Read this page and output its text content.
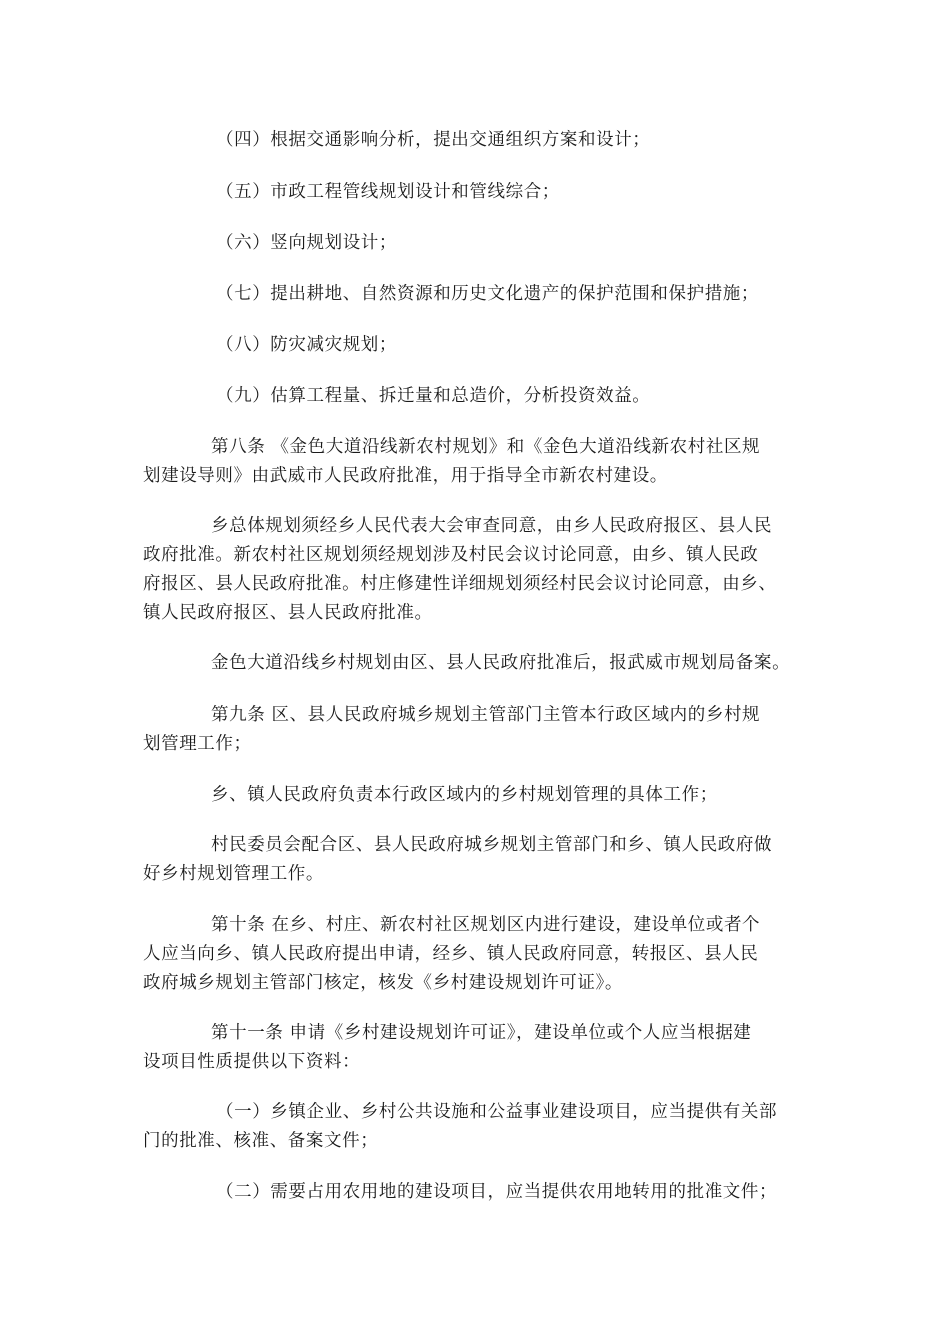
（四）根据交通影响分析，提出交通组织方案和设计；

（五）市政工程管线规划设计和管线综合；

（六）竖向规划设计；

（七）提出耕地、自然资源和历史文化遗产的保护范围和保护措施；

（八）防灾减灾规划；

（九）估算工程量、拆迁量和总造价，分析投资效益。

第八条 《金色大道沿线新农村规划》和《金色大道沿线新农村社区规
划建设导则》由武威市人民政府批准，用于指导全市新农村建设。

乡总体规划须经乡人民代表大会审查同意，由乡人民政府报区、县人民
政府批准。新农村社区规划须经规划涉及村民会议讨论同意，由乡、镇人民政
府报区、县人民政府批准。村庄修建性详细规划须经村民会议讨论同意，由乡、
镇人民政府报区、县人民政府批准。

金色大道沿线乡村规划由区、县人民政府批准后，报武威市规划局备案。

第九条 区、县人民政府城乡规划主管部门主管本行政区域内的乡村规
划管理工作；

乡、镇人民政府负责本行政区域内的乡村规划管理的具体工作；

村民委员会配合区、县人民政府城乡规划主管部门和乡、镇人民政府做
好乡村规划管理工作。

第十条 在乡、村庄、新农村社区规划区内进行建设，建设单位或者个
人应当向乡、镇人民政府提出申请，经乡、镇人民政府同意，转报区、县人民
政府城乡规划主管部门核定，核发《乡村建设规划许可证》。

第十一条 申请《乡村建设规划许可证》，建设单位或个人应当根据建
设项目性质提供以下资料：

（一）乡镇企业、乡村公共设施和公益事业建设项目，应当提供有关部
门的批准、核准、备案文件；

（二）需要占用农用地的建设项目，应当提供农用地转用的批准文件；
